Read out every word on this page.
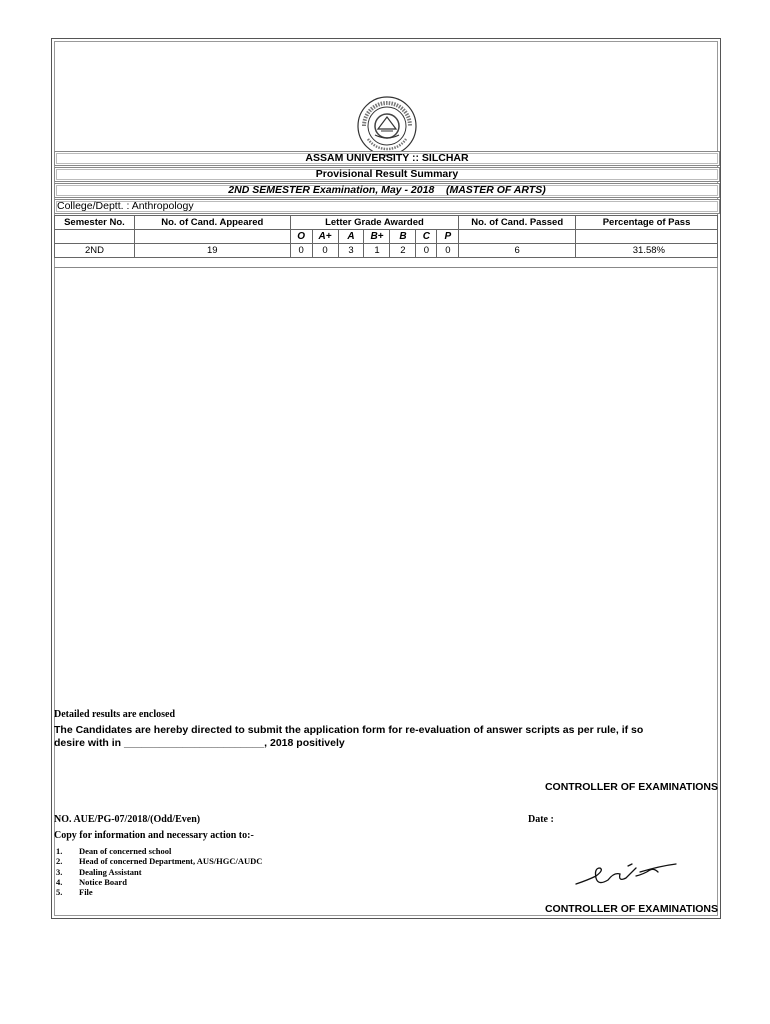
ASSAM UNIVERSITY :: SILCHAR
Provisional Result Summary
2ND SEMESTER Examination, May - 2018    (MASTER OF ARTS)
College/Deptt. : Anthropology
Semester No.	No. of Cand. Appeared	Letter Grade Awarded							No. of Cand. Passed	Percentage of Pass
		O	A+	A	B+	B	C	P		
2ND	19	0	0	3	1	2	0	0	6	31.58%
Detailed results are enclosed
The Candidates are hereby directed to submit the application form for re-evaluation of answer scripts as per rule, if so
desire with in ________________________, 2018 positively
CONTROLLER OF EXAMINATIONS
NO. AUE/PG-07/2018/(Odd/Even)	Date :
Copy for information and necessary action to:-
1. Dean of concerned school
2. Head of concerned Department, AUS/HGC/AUDC
3. Dealing Assistant
4. Notice Board
5. File
CONTROLLER OF EXAMINATIONS
